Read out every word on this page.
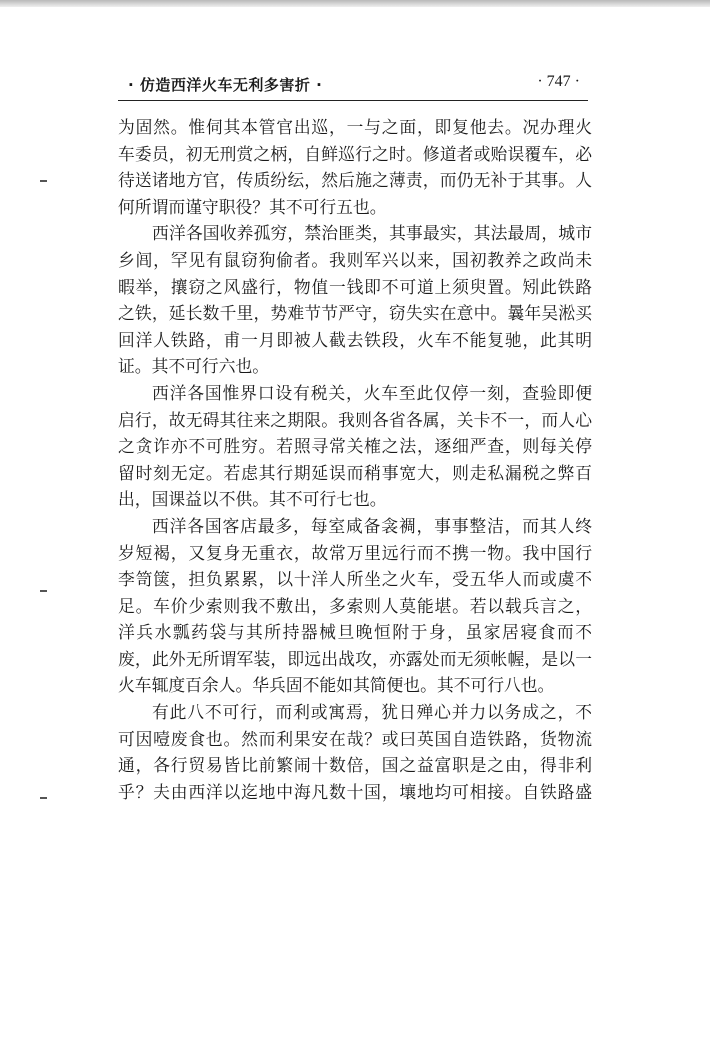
· 仿造西洋火车无利多害折 ·	· 747 ·
为固然。惟伺其本管官出巡，一与之面，即复他去。况办理火
车委员，初无刑赏之柄，自鲜巡行之时。修道者或贻误覆车，必
待送诸地方官，传质纷纭，然后施之薄责，而仍无补于其事。人
何所谓而谨守职役？其不可行五也。
西洋各国收养孤穷，禁治匪类，其事最实，其法最周，城市
乡闾，罕见有鼠窃狗偷者。我则军兴以来，国初教养之政尚未
暇举，攘窃之风盛行，物值一钱即不可道上须臾置。矧此铁路
之铁，延长数千里，势难节节严守，窃失实在意中。曩年吴淞买
回洋人铁路，甫一月即被人截去铁段，火车不能复驰，此其明
证。其不可行六也。
西洋各国惟界口设有税关，火车至此仅停一刻，查验即便
启行，故无碍其往来之期限。我则各省各属，关卡不一，而人心
之贪诈亦不可胜穷。若照寻常关榷之法，逐细严查，则每关停
留时刻无定。若虑其行期延误而稍事宽大，则走私漏税之弊百
出，国课益以不供。其不可行七也。
西洋各国客店最多，每室咸备衾裯，事事整洁，而其人终
岁短褐，又复身无重衣，故常万里远行而不携一物。我中国行
李笥箧，担负累累，以十洋人所坐之火车，受五华人而或虞不
足。车价少索则我不敷出，多索则人莫能堪。若以载兵言之，
洋兵水瓢药袋与其所持器械旦晚恒附于身，虽家居寝食而不
废，此外无所谓军装，即远出战攻，亦露处而无须帐幄，是以一
火车辄度百余人。华兵固不能如其简便也。其不可行八也。
有此八不可行，而利或寓焉，犹日殚心并力以务成之，不
可因噎废食也。然而利果安在哉？或曰英国自造铁路，货物流
通，各行贸易皆比前繁闹十数倍，国之益富职是之由，得非利
乎？夫由西洋以迄地中海凡数十国，壤地均可相接。自铁路盛
